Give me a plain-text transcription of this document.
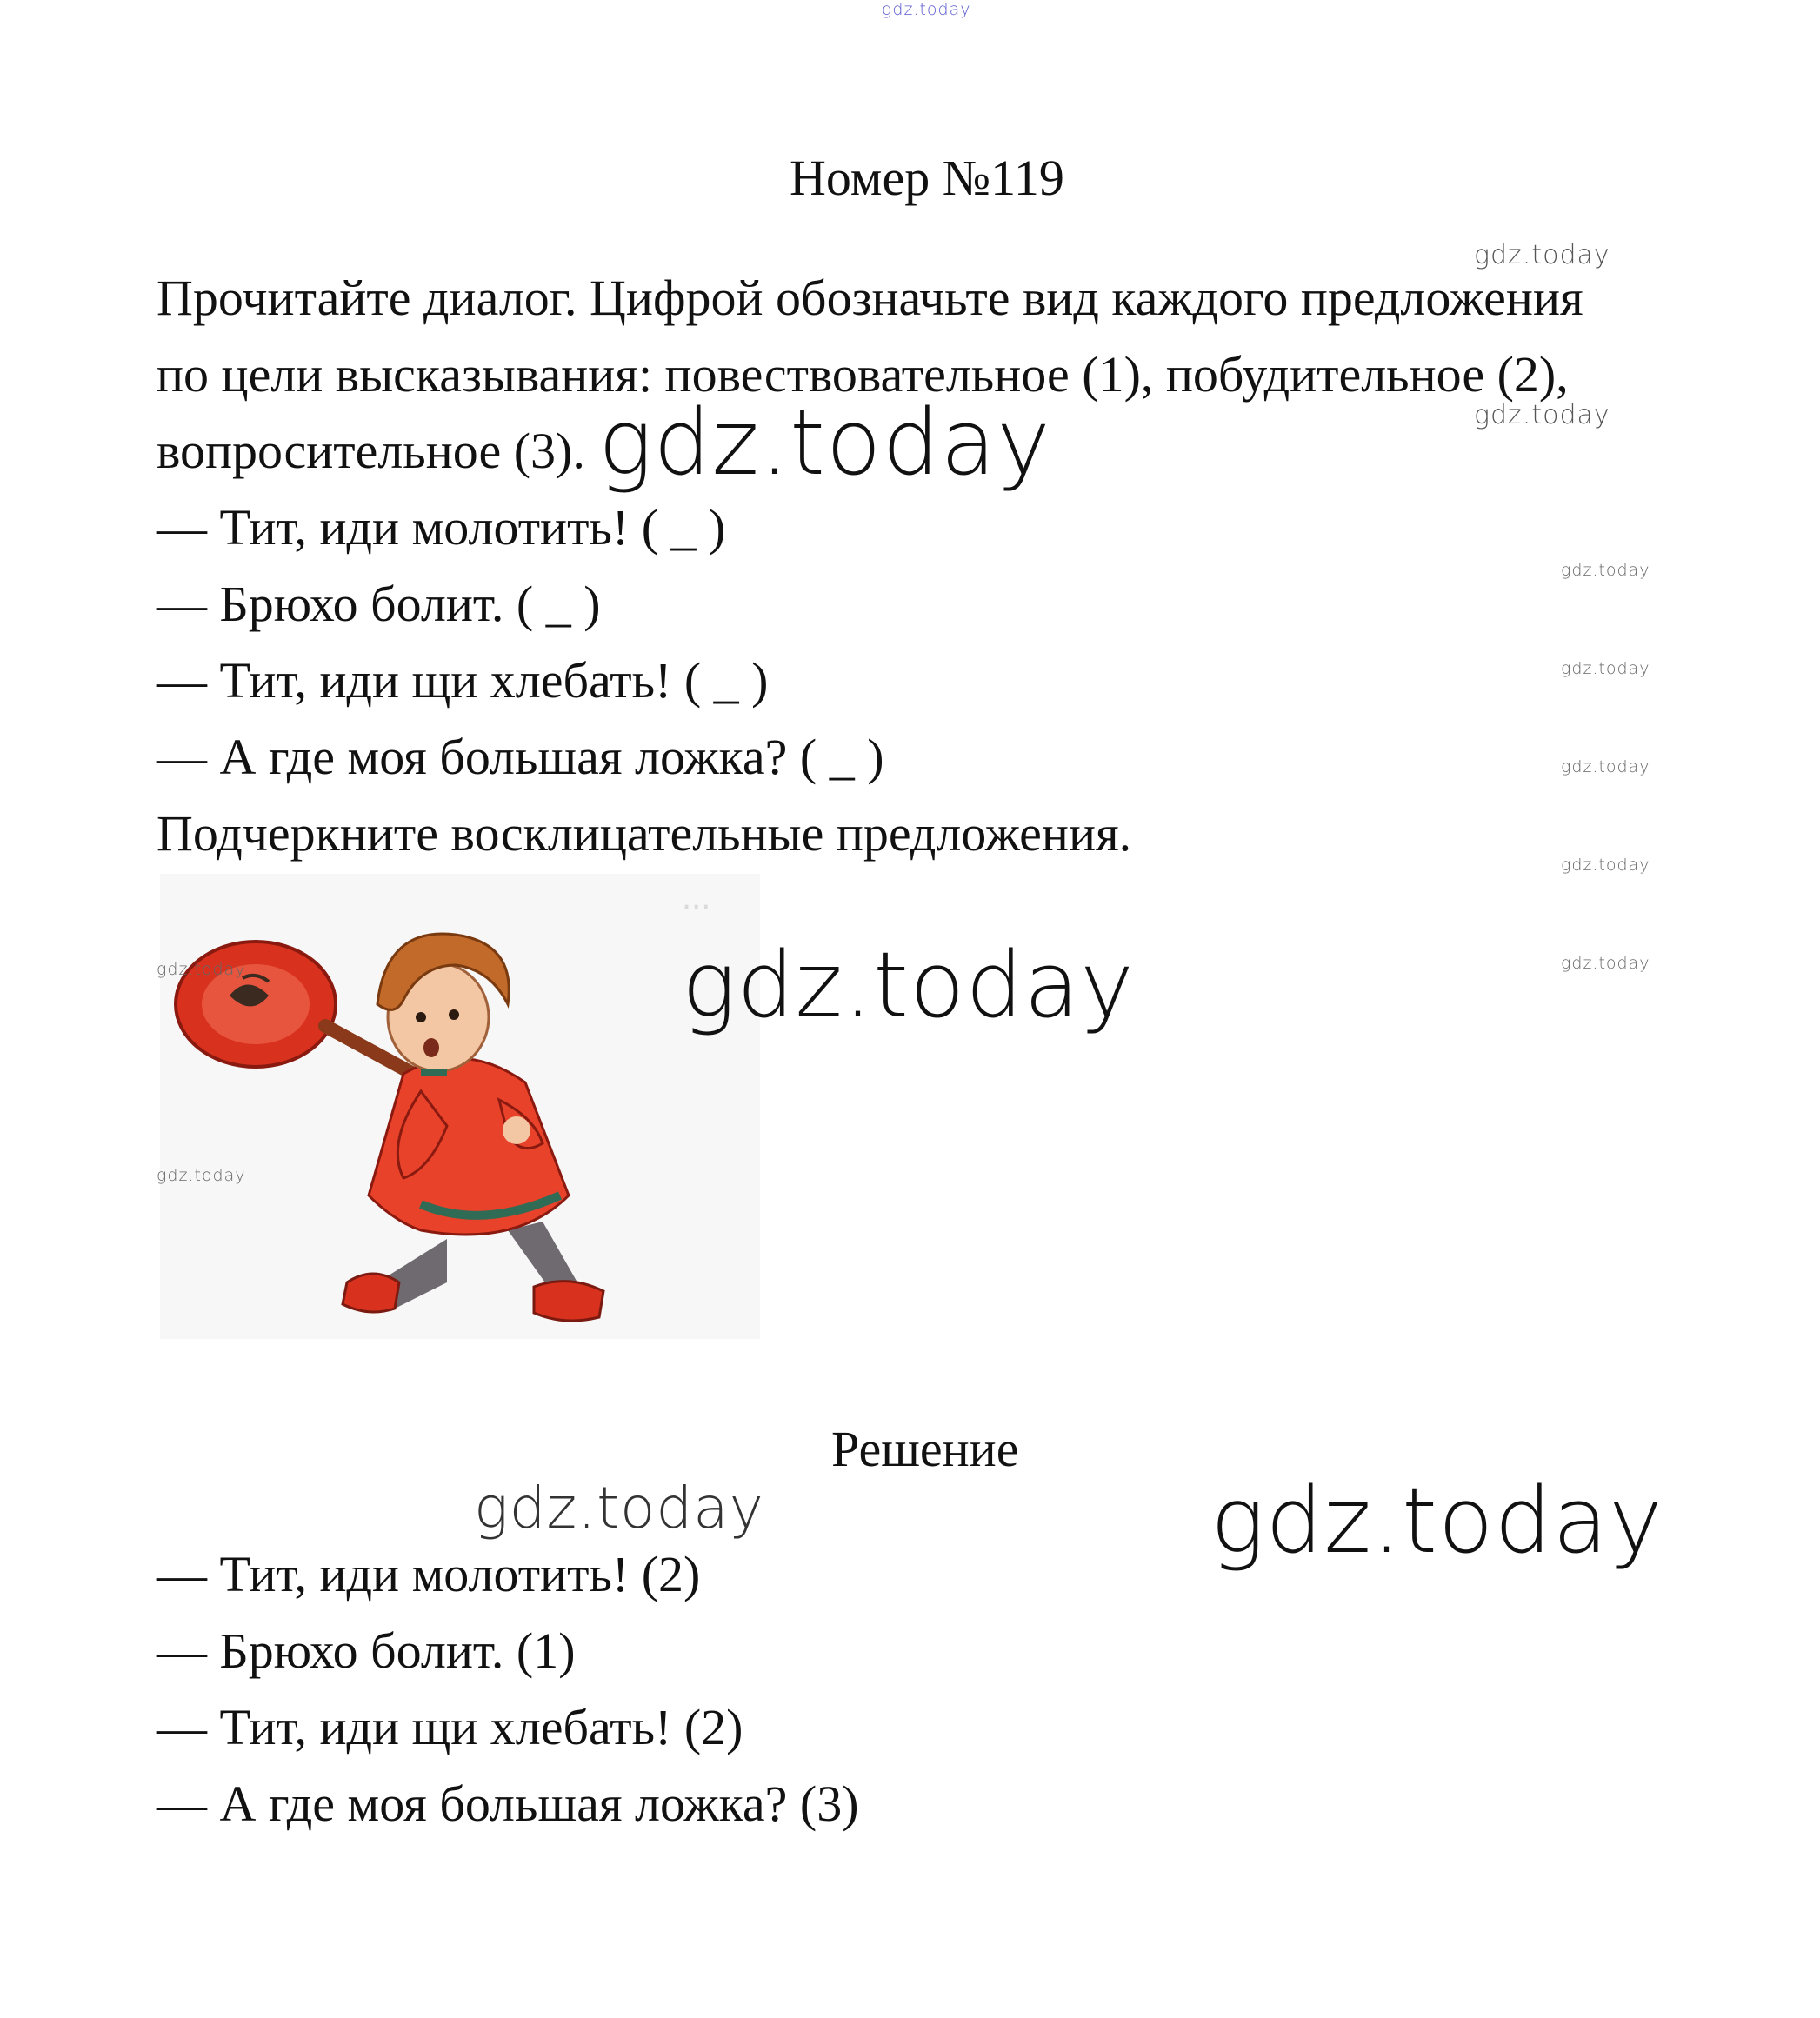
gdz.today
Номер №119
Прочитайте диалог. Цифрой обозначьте вид каждого предложения
по цели высказывания: повествовательное (1), побудительное (2),
вопросительное (3).
— Тит, иди молотить! ( _ )
— Брюхо болит. ( _ )
— Тит, иди щи хлебать! ( _ )
— А где моя большая ложка? ( _ )
Подчеркните восклицательные предложения.
...
Решение
— Тит, иди молотить! (2)
— Брюхо болит. (1)
— Тит, иди щи хлебать! (2)
— А где моя большая ложка? (3)
gdz.today
gdz.today
gdz.today
gdz.today
gdz.today
gdz.today
gdz.today
gdz.today
gdz.today
gdz.today
gdz.today
gdz.today
gdz.today
